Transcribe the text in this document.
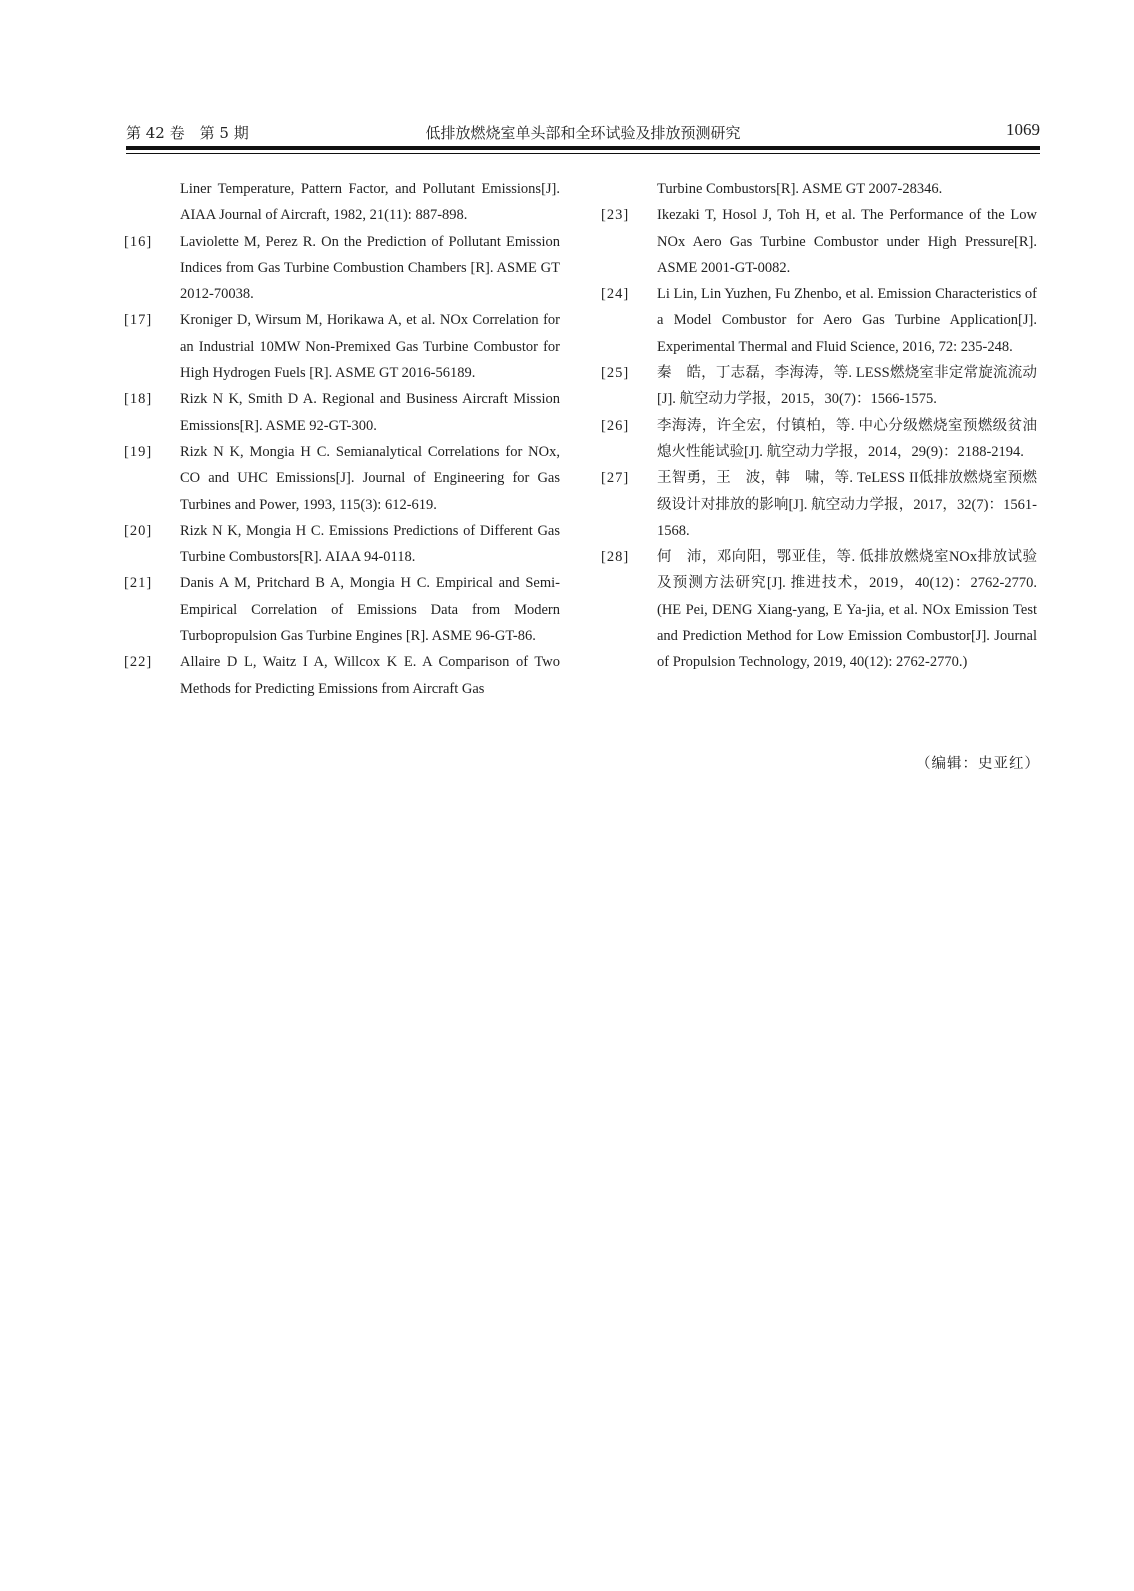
第 42 卷　第 5 期	低排放燃烧室单头部和全环试验及排放预测研究	1069
Liner Temperature, Pattern Factor, and Pollutant Emissions[J]. AIAA Journal of Aircraft, 1982, 21(11): 887-898.
[16] Laviolette M, Perez R. On the Prediction of Pollutant Emission Indices from Gas Turbine Combustion Chambers [R]. ASME GT 2012-70038.
[17] Kroniger D, Wirsum M, Horikawa A, et al. NOx Correlation for an Industrial 10MW Non-Premixed Gas Turbine Combustor for High Hydrogen Fuels [R]. ASME GT 2016-56189.
[18] Rizk N K, Smith D A. Regional and Business Aircraft Mission Emissions[R]. ASME 92-GT-300.
[19] Rizk N K, Mongia H C. Semianalytical Correlations for NOx, CO and UHC Emissions[J]. Journal of Engineering for Gas Turbines and Power, 1993, 115(3): 612-619.
[20] Rizk N K, Mongia H C. Emissions Predictions of Different Gas Turbine Combustors[R]. AIAA 94-0118.
[21] Danis A M, Pritchard B A, Mongia H C. Empirical and Semi-Empirical Correlation of Emissions Data from Modern Turbopropulsion Gas Turbine Engines [R]. ASME 96-GT-86.
[22] Allaire D L, Waitz I A, Willcox K E. A Comparison of Two Methods for Predicting Emissions from Aircraft Gas
Turbine Combustors[R]. ASME GT 2007-28346.
[23] Ikezaki T, Hosol J, Toh H, et al. The Performance of the Low NOx Aero Gas Turbine Combustor under High Pressure[R]. ASME 2001-GT-0082.
[24] Li Lin, Lin Yuzhen, Fu Zhenbo, et al. Emission Characteristics of a Model Combustor for Aero Gas Turbine Application[J]. Experimental Thermal and Fluid Science, 2016, 72: 235-248.
[25] 秦　皓，丁志磊，李海涛，等. LESS燃烧室非定常旋流流动[J]. 航空动力学报，2015，30(7)：1566-1575.
[26] 李海涛，许全宏，付镇柏，等. 中心分级燃烧室预燃级贫油熄火性能试验[J]. 航空动力学报，2014，29(9)：2188-2194.
[27] 王智勇，王　波，韩　啸，等. TeLESS II低排放燃烧室预燃级设计对排放的影响[J]. 航空动力学报，2017，32(7)：1561-1568.
[28] 何　沛，邓向阳，鄂亚佳，等. 低排放燃烧室NOx排放试验及预测方法研究[J]. 推进技术，2019，40(12)：2762-2770. (HE Pei, DENG Xiang-yang, E Ya-jia, et al. NOx Emission Test and Prediction Method for Low Emission Combustor[J]. Journal of Propulsion Technology, 2019, 40(12): 2762-2770.)
（编辑：史亚红）
